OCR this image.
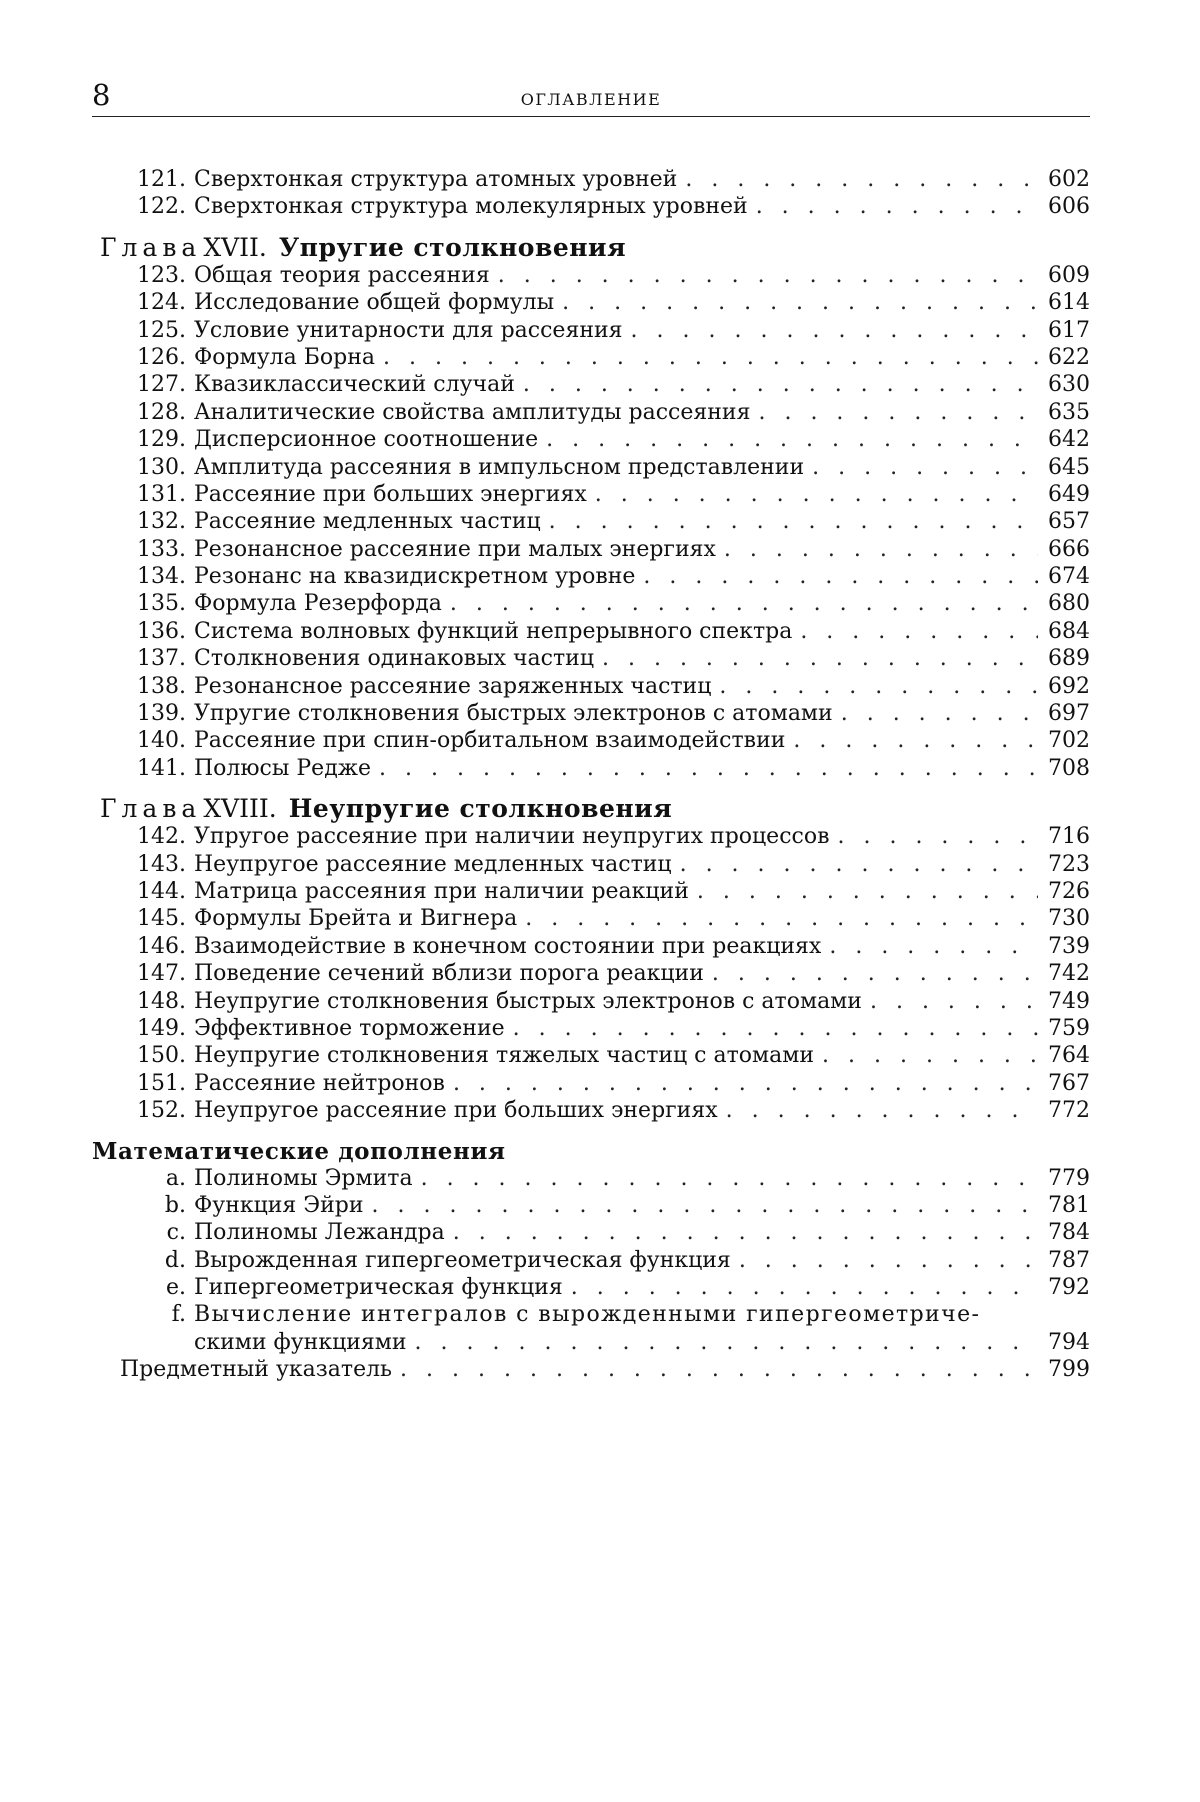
8	ОГЛАВЛЕНИЕ
121. Сверхтонкая структура атомных уровней . . .	602
122. Сверхтонкая структура молекулярных уровней . . .	606
Глава XVII. Упругие столкновения
123. Общая теория рассеяния . . .	609
124. Исследование общей формулы . . .	614
125. Условие унитарности для рассеяния . . .	617
126. Формула Борна . . .	622
127. Квазиклассический случай . . .	630
128. Аналитические свойства амплитуды рассеяния . . .	635
129. Дисперсионное соотношение . . .	642
130. Амплитуда рассеяния в импульсном представлении . . .	645
131. Рассеяние при больших энергиях . . .	649
132. Рассеяние медленных частиц . . .	657
133. Резонансное рассеяние при малых энергиях . . .	666
134. Резонанс на квазидискретном уровне . . .	674
135. Формула Резерфорда . . .	680
136. Система волновых функций непрерывного спектра . . .	684
137. Столкновения одинаковых частиц . . .	689
138. Резонансное рассеяние заряженных частиц . . .	692
139. Упругие столкновения быстрых электронов с атомами . . .	697
140. Рассеяние при спин-орбитальном взаимодействии . . .	702
141. Полюсы Редже . . .	708
Глава XVIII. Неупругие столкновения
142. Упругое рассеяние при наличии неупругих процессов . . .	716
143. Неупругое рассеяние медленных частиц . . .	723
144. Матрица рассеяния при наличии реакций . . .	726
145. Формулы Брейта и Вигнера . . .	730
146. Взаимодействие в конечном состоянии при реакциях . . .	739
147. Поведение сечений вблизи порога реакции . . .	742
148. Неупругие столкновения быстрых электронов с атомами . . .	749
149. Эффективное торможение . . .	759
150. Неупругие столкновения тяжелых частиц с атомами . . .	764
151. Рассеяние нейтронов . . .	767
152. Неупругое рассеяние при больших энергиях . . .	772
Математические дополнения
a. Полиномы Эрмита . . .	779
b. Функция Эйри . . .	781
c. Полиномы Лежандра . . .	784
d. Вырожденная гипергеометрическая функция . . .	787
e. Гипергеометрическая функция . . .	792
f. Вычисление интегралов с вырожденными гипергеометриче-
скими функциями . . .	794
Предметный указатель . . .	799
